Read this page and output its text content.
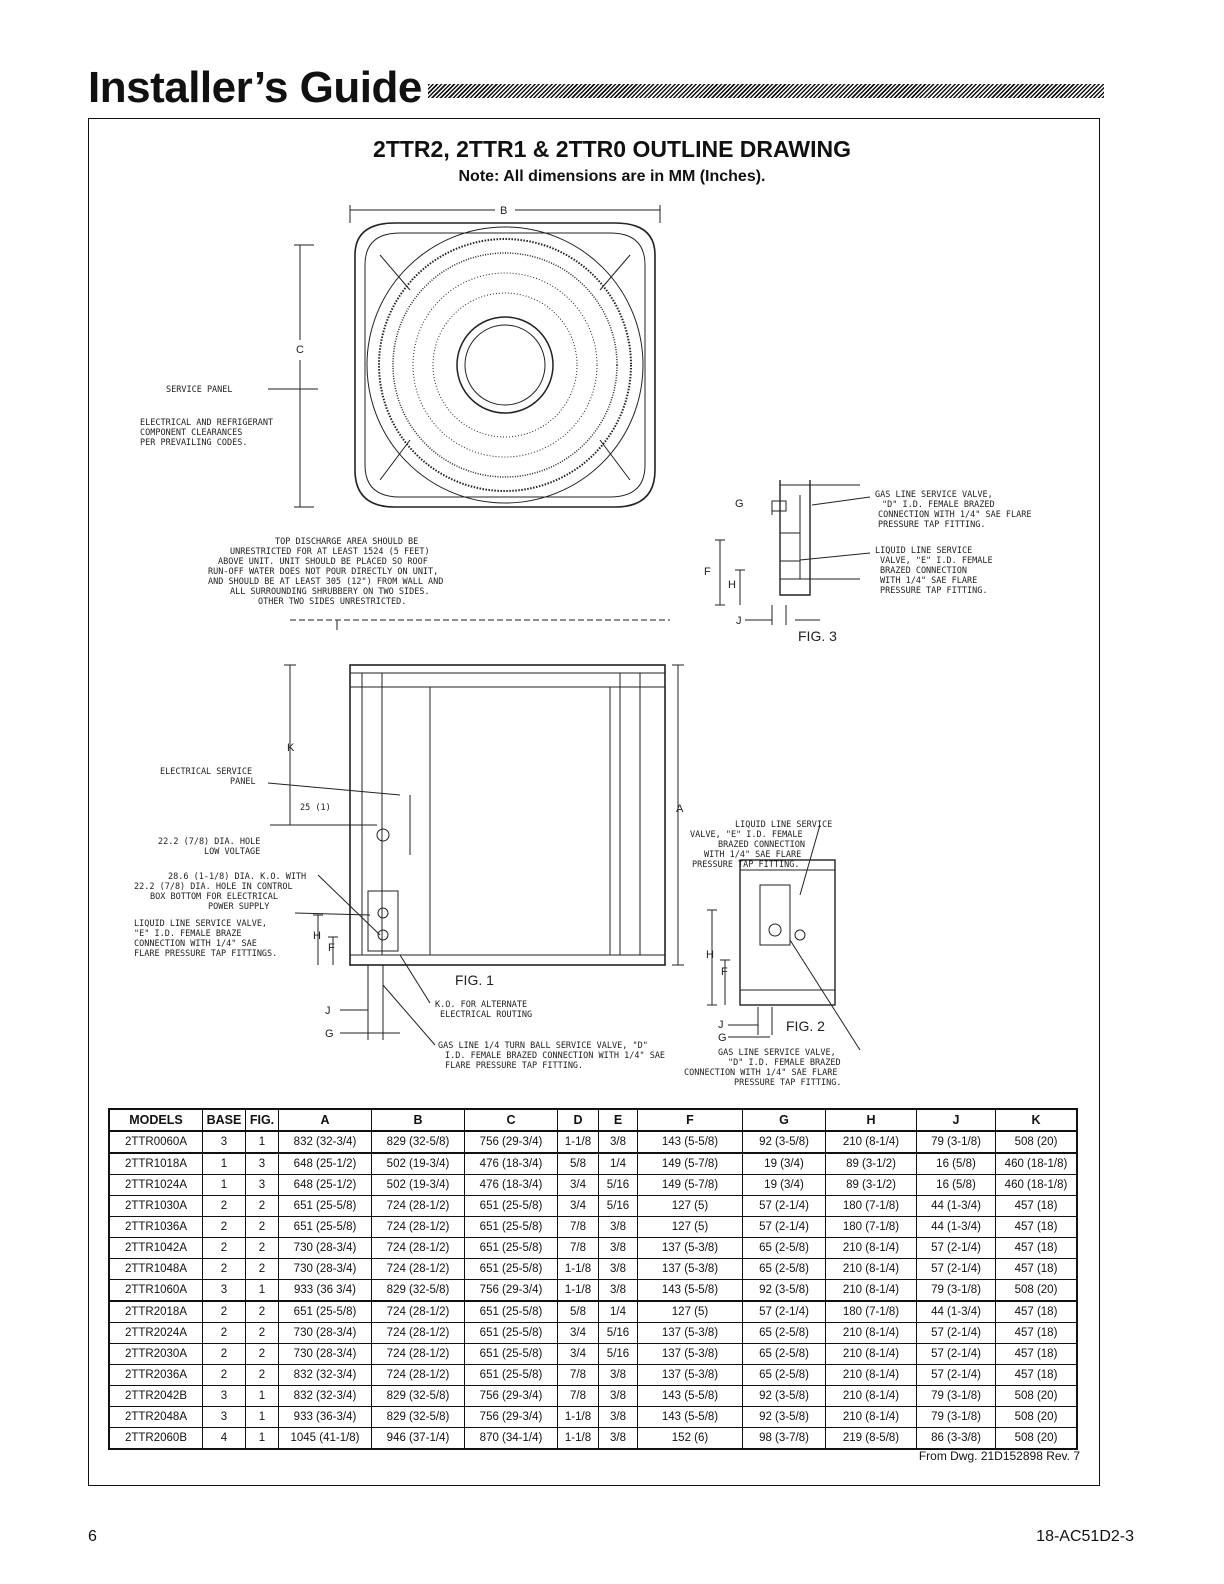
Installer’s Guide
2TTR2, 2TTR1 & 2TTR0 OUTLINE DRAWING
Note: All dimensions are in MM (Inches).
B
C
SERVICE PANEL
ELECTRICAL AND REFRIGERANT
COMPONENT CLEARANCES
PER PREVAILING CODES.
TOP DISCHARGE AREA SHOULD BE
UNRESTRICTED FOR AT LEAST 1524 (5 FEET)
ABOVE UNIT. UNIT SHOULD BE PLACED SO ROOF
RUN-OFF WATER DOES NOT POUR DIRECTLY ON UNIT,
AND SHOULD BE AT LEAST 305 (12") FROM WALL AND
ALL SURROUNDING SHRUBBERY ON TWO SIDES.
OTHER TWO SIDES UNRESTRICTED.
G
F
H
J
FIG. 3
GAS LINE SERVICE VALVE,
"D" I.D. FEMALE BRAZED
CONNECTION WITH 1/4" SAE FLARE
PRESSURE TAP FITTING.
LIQUID LINE SERVICE
VALVE, "E" I.D. FEMALE
BRAZED CONNECTION
WITH 1/4" SAE FLARE
PRESSURE TAP FITTING.
K
A
H
F
J
G
25 (1)
FIG. 1
ELECTRICAL SERVICE
PANEL
22.2 (7/8) DIA. HOLE
LOW VOLTAGE
28.6 (1-1/8) DIA. K.O. WITH
22.2 (7/8) DIA. HOLE IN CONTROL
BOX BOTTOM FOR ELECTRICAL
POWER SUPPLY
LIQUID LINE SERVICE VALVE,
"E" I.D. FEMALE BRAZE
CONNECTION WITH 1/4" SAE
FLARE PRESSURE TAP FITTINGS.
K.O. FOR ALTERNATE
ELECTRICAL ROUTING
GAS LINE 1/4 TURN BALL SERVICE VALVE, "D"
I.D. FEMALE BRAZED CONNECTION WITH 1/4" SAE
FLARE PRESSURE TAP FITTING.
LIQUID LINE SERVICE
VALVE, "E" I.D. FEMALE
BRAZED CONNECTION
WITH 1/4" SAE FLARE
PRESSURE TAP FITTING.
H
F
J
G
FIG. 2
GAS LINE SERVICE VALVE,
"D" I.D. FEMALE BRAZED
CONNECTION WITH 1/4" SAE FLARE
PRESSURE TAP FITTING.
MODELS	BASE	FIG.	A	B	C	D	E	F	G	H	J	K
2TTR0060A	3	1	832 (32-3/4)	829 (32-5/8)	756 (29-3/4)	1-1/8	3/8	143 (5-5/8)	92 (3-5/8)	210 (8-1/4)	79 (3-1/8)	508 (20)
2TTR1018A	1	3	648 (25-1/2)	502 (19-3/4)	476 (18-3/4)	5/8	1/4	149 (5-7/8)	19 (3/4)	89 (3-1/2)	16 (5/8)	460 (18-1/8)
2TTR1024A	1	3	648 (25-1/2)	502 (19-3/4)	476 (18-3/4)	3/4	5/16	149 (5-7/8)	19 (3/4)	89 (3-1/2)	16 (5/8)	460 (18-1/8)
2TTR1030A	2	2	651 (25-5/8)	724 (28-1/2)	651 (25-5/8)	3/4	5/16	127 (5)	57 (2-1/4)	180 (7-1/8)	44 (1-3/4)	457 (18)
2TTR1036A	2	2	651 (25-5/8)	724 (28-1/2)	651 (25-5/8)	7/8	3/8	127 (5)	57 (2-1/4)	180 (7-1/8)	44 (1-3/4)	457 (18)
2TTR1042A	2	2	730 (28-3/4)	724 (28-1/2)	651 (25-5/8)	7/8	3/8	137 (5-3/8)	65 (2-5/8)	210 (8-1/4)	57 (2-1/4)	457 (18)
2TTR1048A	2	2	730 (28-3/4)	724 (28-1/2)	651 (25-5/8)	1-1/8	3/8	137 (5-3/8)	65 (2-5/8)	210 (8-1/4)	57 (2-1/4)	457 (18)
2TTR1060A	3	1	933 (36 3/4)	829 (32-5/8)	756 (29-3/4)	1-1/8	3/8	143 (5-5/8)	92 (3-5/8)	210 (8-1/4)	79 (3-1/8)	508 (20)
2TTR2018A	2	2	651 (25-5/8)	724 (28-1/2)	651 (25-5/8)	5/8	1/4	127 (5)	57 (2-1/4)	180 (7-1/8)	44 (1-3/4)	457 (18)
2TTR2024A	2	2	730 (28-3/4)	724 (28-1/2)	651 (25-5/8)	3/4	5/16	137 (5-3/8)	65 (2-5/8)	210 (8-1/4)	57 (2-1/4)	457 (18)
2TTR2030A	2	2	730 (28-3/4)	724 (28-1/2)	651 (25-5/8)	3/4	5/16	137 (5-3/8)	65 (2-5/8)	210 (8-1/4)	57 (2-1/4)	457 (18)
2TTR2036A	2	2	832 (32-3/4)	724 (28-1/2)	651 (25-5/8)	7/8	3/8	137 (5-3/8)	65 (2-5/8)	210 (8-1/4)	57 (2-1/4)	457 (18)
2TTR2042B	3	1	832 (32-3/4)	829 (32-5/8)	756 (29-3/4)	7/8	3/8	143 (5-5/8)	92 (3-5/8)	210 (8-1/4)	79 (3-1/8)	508 (20)
2TTR2048A	3	1	933 (36-3/4)	829 (32-5/8)	756 (29-3/4)	1-1/8	3/8	143 (5-5/8)	92 (3-5/8)	210 (8-1/4)	79 (3-1/8)	508 (20)
2TTR2060B	4	1	1045 (41-1/8)	946 (37-1/4)	870 (34-1/4)	1-1/8	3/8	152 (6)	98 (3-7/8)	219 (8-5/8)	86 (3-3/8)	508 (20)
From Dwg. 21D152898 Rev. 7
6	18-AC51D2-3
